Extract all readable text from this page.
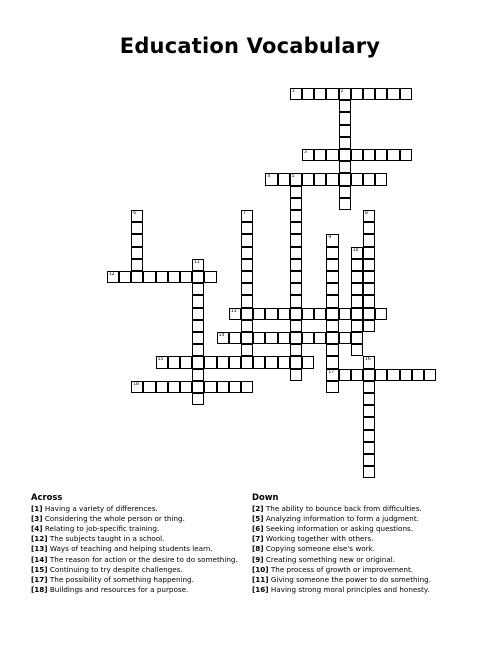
Education Vocabulary
1	2
3
4	5
6	7	8
9
17
10
11
12
13
14
15	16
18
Across
[1] Having a variety of differences.
[3] Considering the whole person or thing.
[4] Relating to job-specific training.
[12] The subjects taught in a school.
[13] Ways of teaching and helping students learn.
[14] The reason for action or the desire to do something.
[15] Continuing to try despite challenges.
[17] The possibility of something happening.
[18] Buildings and resources for a purpose.
Down
[2] The ability to bounce back from difficulties.
[5] Analyzing information to form a judgment.
[6] Seeking information or asking questions.
[7] Working together with others.
[8] Copying someone else's work.
[9] Creating something new or original.
[10] The process of growth or improvement.
[11] Giving someone the power to do something.
[16] Having strong moral principles and honesty.
